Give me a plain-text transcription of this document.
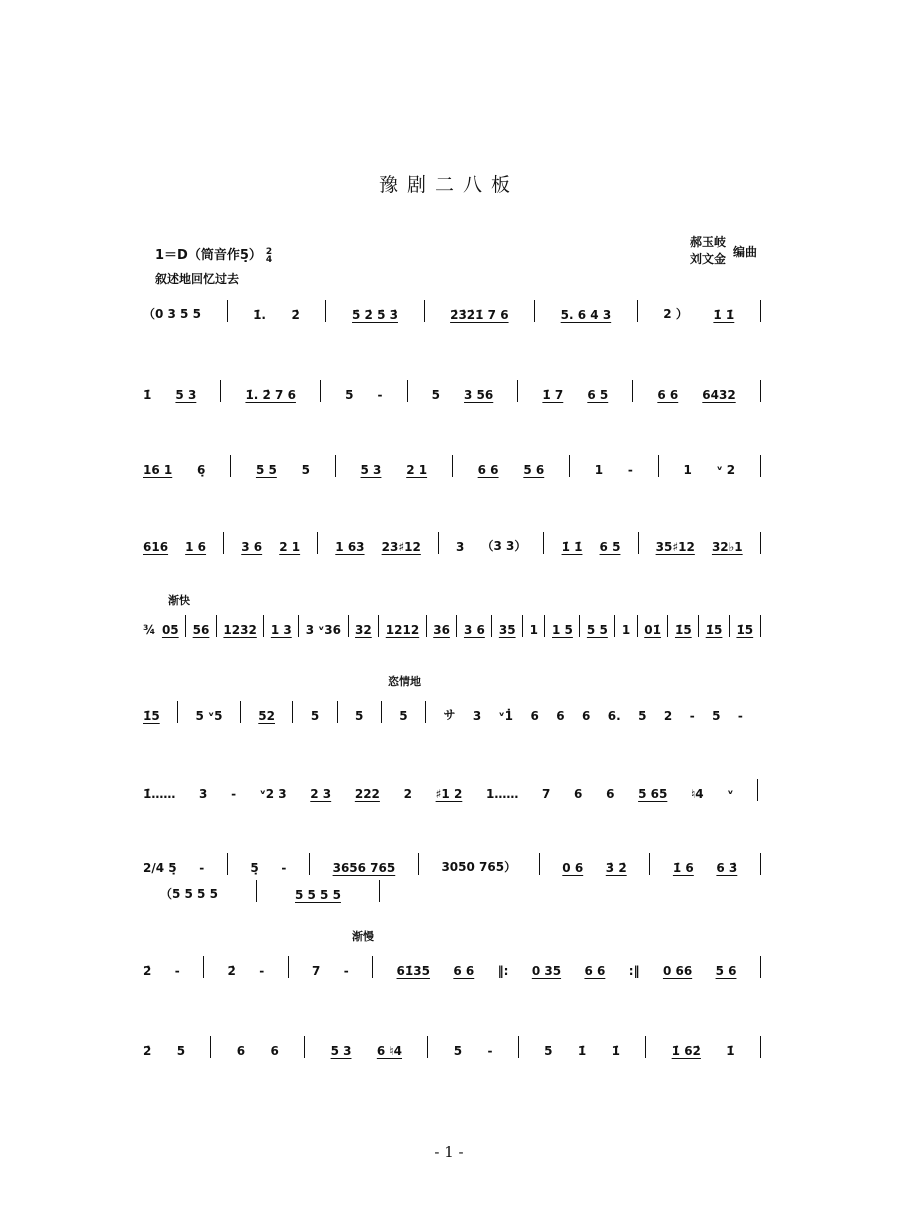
豫剧二八板
1＝D（筒音作5̣） 2
4
叙述地回忆过去
郝玉岐
刘文金 编曲
渐快
恣情地
渐慢
（0 3 5 5	1̇. 2̇	5̇ 2̇ 5̇ 3̇	2̇3̇2̇1̇ 7 6	5. 6 4 3	2 ） 1̇ 1̇
1̇ 5 3	1̇. 2̇ 7 6	5 -	5 3 56	1̇ 7 6 5	6 6 6432
16 1 6̣	5 5 5	5 3 2 1	6 6 5 6	1 -	1 ᵛ 2
616 1 6	3 6 2 1	1 63 23♯12	3 （3 3）	1̇ 1̇ 6 5	35♯12 32♭1
¾ 05 56 1232 1 3 3 ᵛ36 32 1212 36 3 6 35 1 1 5 5 5 1 01̇ 1̇5 1̇5 1̇5
1̇5	5 ᵛ5	52	5	5	5	サ 3 ᵛ1̇ 6 6 6 6. 5 2 - 5 -
1̇…… 3 - ᵛ2 3 2 3 222 2 ♯1 2 1…… 7 6 6 5 65 ♮4 ᵛ
2/4 5̣ -	5̣ -	3656 765	3050 765）	0 6 3̇ 2̇	1̇ 6 6 3̇
（5 5 5 5	5 5 5 5
2̇ -	2̇ -	7 -	61̇35 6 6 ‖: 0 35 6 6 :‖ 0 66 5 6
2̇ 5	6 6	5 3 6 ♮4	5 -	5 1̇ 1̇	1̇ 62̇ 1̇
- 1 -
